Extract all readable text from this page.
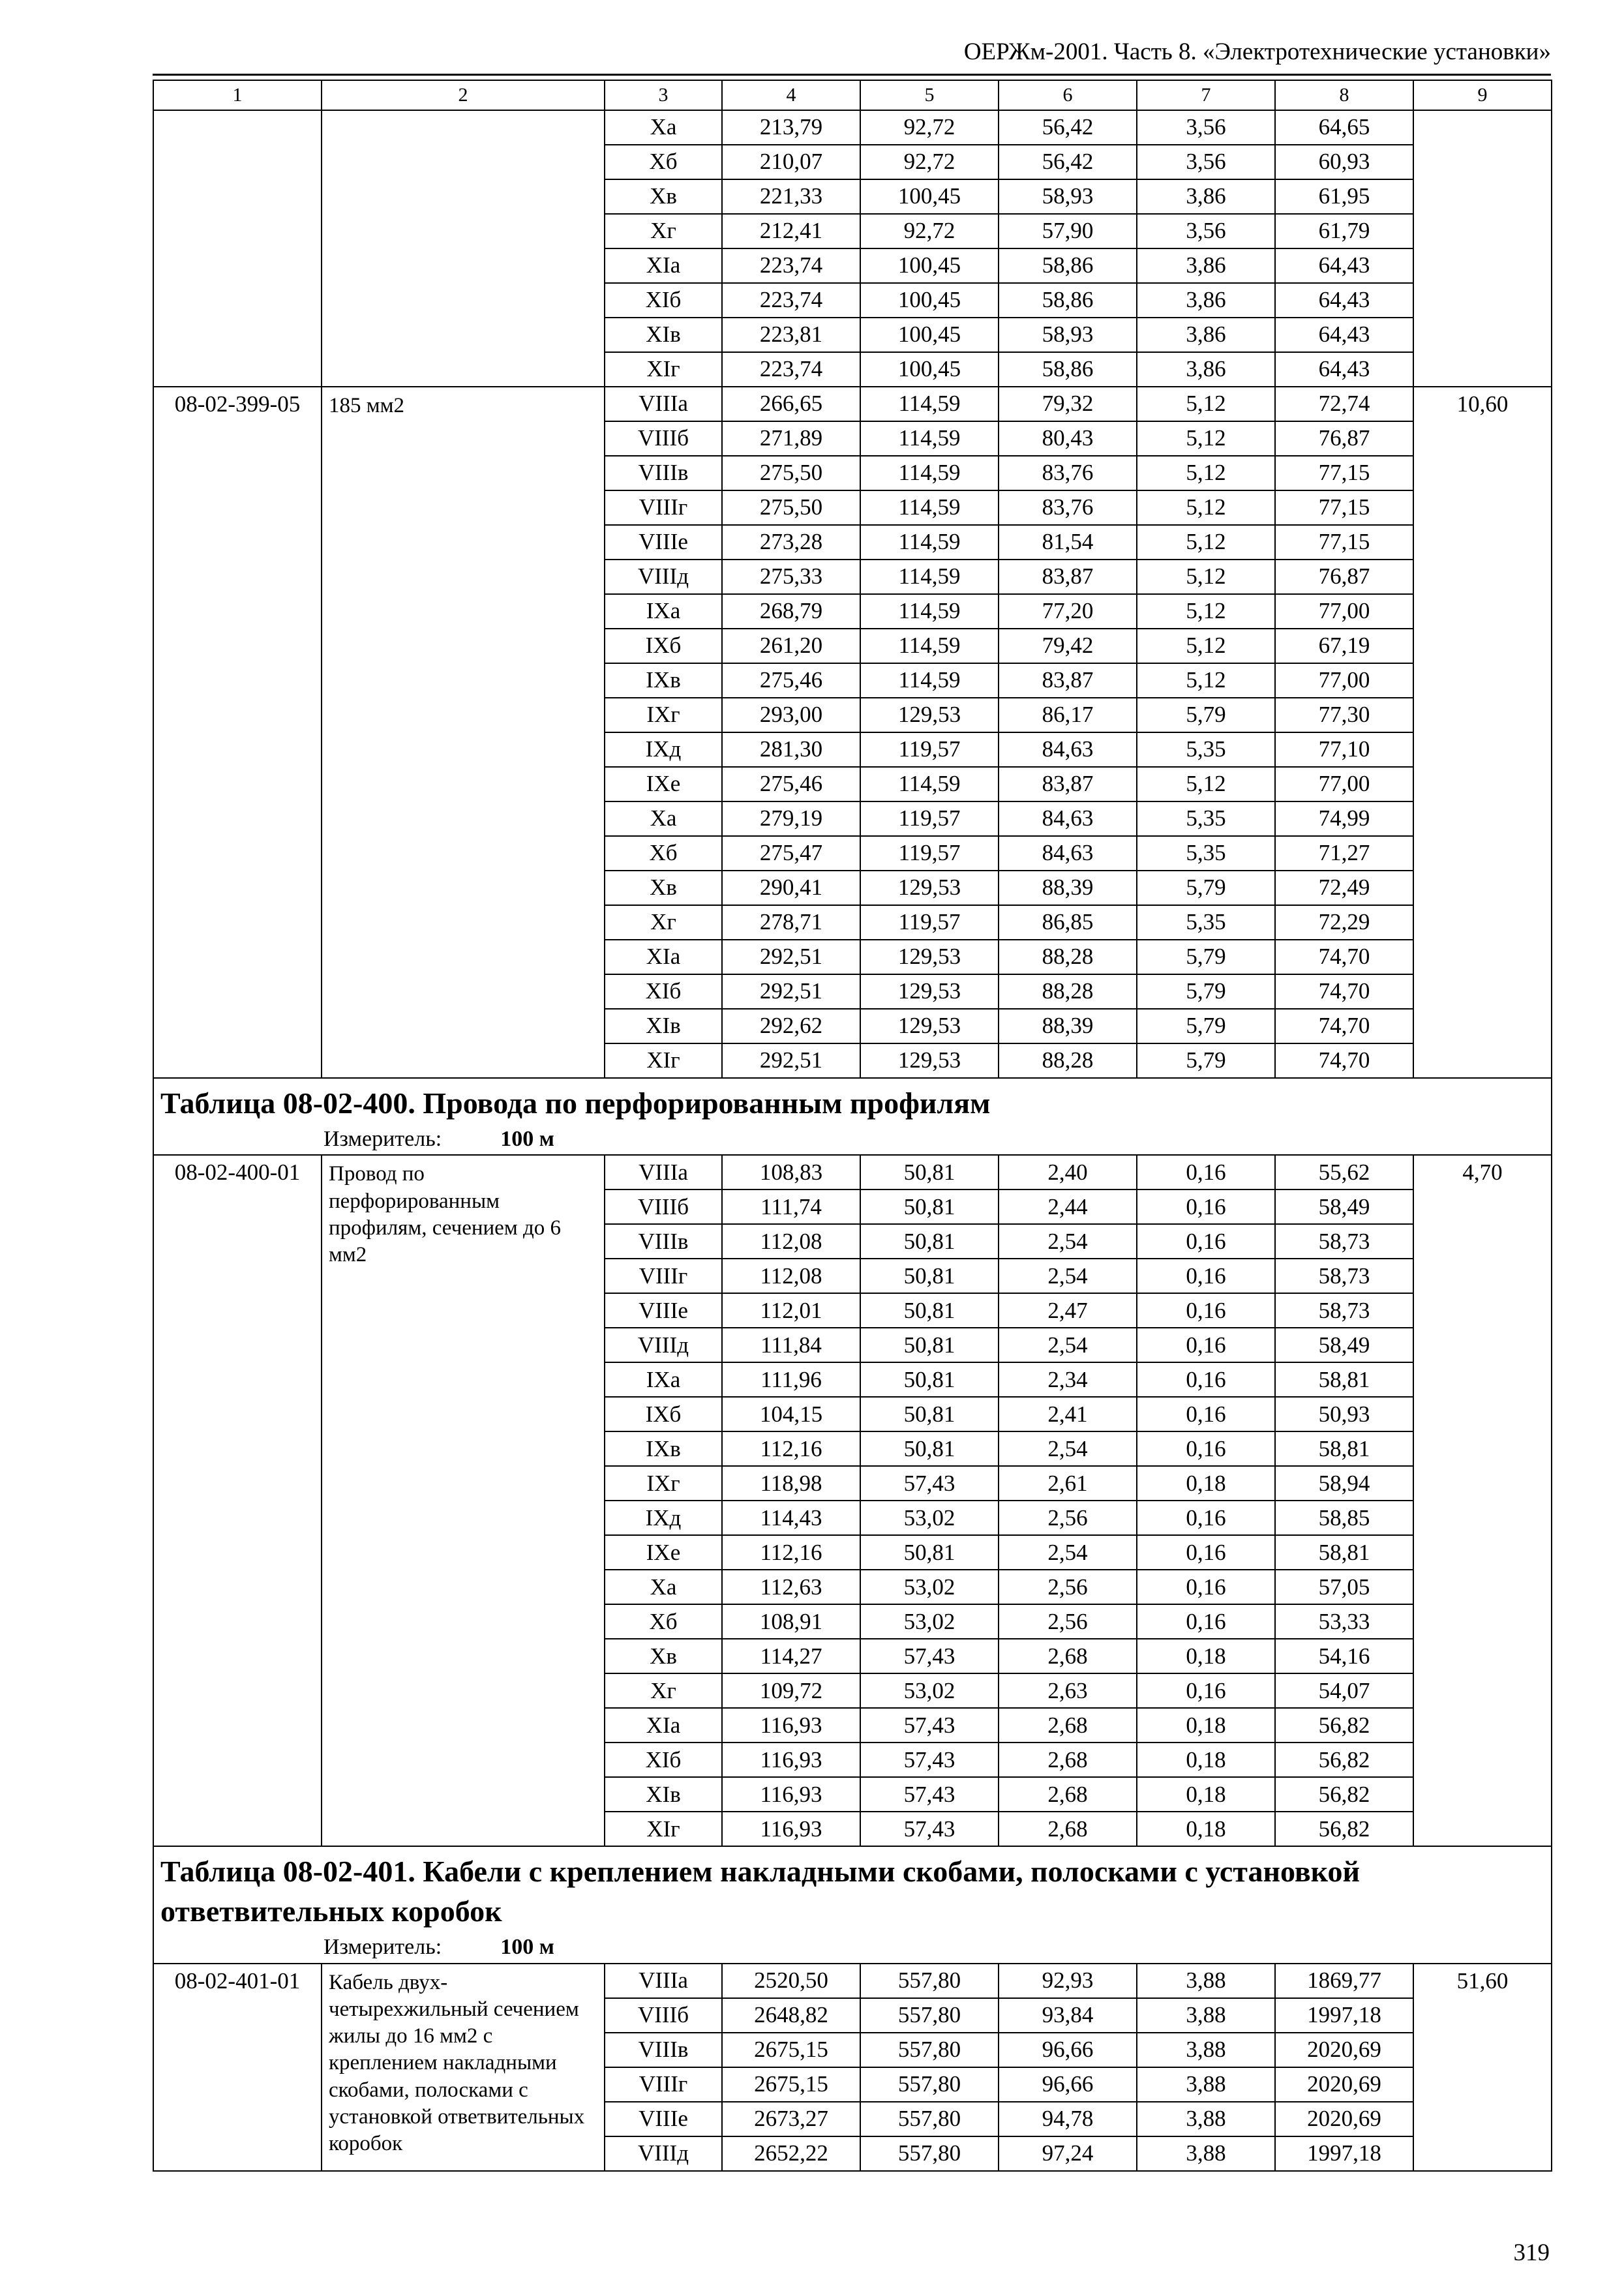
ОЕРЖм-2001. Часть 8. «Электротехнические установки»
1	2	3	4	5	6	7	8	9
		Xa	213,79	92,72	56,42	3,56	64,65	
		Xб	210,07	92,72	56,42	3,56	60,93	
		Xв	221,33	100,45	58,93	3,86	61,95	
		Xг	212,41	92,72	57,90	3,56	61,79	
		XIa	223,74	100,45	58,86	3,86	64,43	
		XIб	223,74	100,45	58,86	3,86	64,43	
		XIв	223,81	100,45	58,93	3,86	64,43	
		XIг	223,74	100,45	58,86	3,86	64,43	
08-02-399-05	185 мм2	VIIIa	266,65	114,59	79,32	5,12	72,74	10,60
		VIIIб	271,89	114,59	80,43	5,12	76,87	
		VIIIв	275,50	114,59	83,76	5,12	77,15	
		VIIIг	275,50	114,59	83,76	5,12	77,15	
		VIIIe	273,28	114,59	81,54	5,12	77,15	
		VIIIд	275,33	114,59	83,87	5,12	76,87	
		IXa	268,79	114,59	77,20	5,12	77,00	
		IXб	261,20	114,59	79,42	5,12	67,19	
		IXв	275,46	114,59	83,87	5,12	77,00	
		IXг	293,00	129,53	86,17	5,79	77,30	
		IXд	281,30	119,57	84,63	5,35	77,10	
		IXe	275,46	114,59	83,87	5,12	77,00	
		Xa	279,19	119,57	84,63	5,35	74,99	
		Xб	275,47	119,57	84,63	5,35	71,27	
		Xв	290,41	129,53	88,39	5,79	72,49	
		Xг	278,71	119,57	86,85	5,35	72,29	
		XIa	292,51	129,53	88,28	5,79	74,70	
		XIб	292,51	129,53	88,28	5,79	74,70	
		XIв	292,62	129,53	88,39	5,79	74,70	
		XIг	292,51	129,53	88,28	5,79	74,70	

Таблица 08-02-400. Провода по перфорированным профилям
Измеритель: 100 м								

08-02-400-01	Провод по перфорированным профилям, сечением до 6 мм2	VIIIa	108,83	50,81	2,40	0,16	55,62	4,70
		VIIIб	111,74	50,81	2,44	0,16	58,49	
		VIIIв	112,08	50,81	2,54	0,16	58,73	
		VIIIг	112,08	50,81	2,54	0,16	58,73	
		VIIIe	112,01	50,81	2,47	0,16	58,73	
		VIIIд	111,84	50,81	2,54	0,16	58,49	
		IXa	111,96	50,81	2,34	0,16	58,81	
		IXб	104,15	50,81	2,41	0,16	50,93	
		IXв	112,16	50,81	2,54	0,16	58,81	
		IXг	118,98	57,43	2,61	0,18	58,94	
		IXд	114,43	53,02	2,56	0,16	58,85	
		IXe	112,16	50,81	2,54	0,16	58,81	
		Xa	112,63	53,02	2,56	0,16	57,05	
		Xб	108,91	53,02	2,56	0,16	53,33	
		Xв	114,27	57,43	2,68	0,18	54,16	
		Xг	109,72	53,02	2,63	0,16	54,07	
		XIa	116,93	57,43	2,68	0,18	56,82	
		XIб	116,93	57,43	2,68	0,18	56,82	
		XIв	116,93	57,43	2,68	0,18	56,82	
		XIг	116,93	57,43	2,68	0,18	56,82	

Таблица 08-02-401. Кабели с креплением накладными скобами, полосками с установкой ответвительных коробок
Измеритель: 100 м								

08-02-401-01	Кабель двух-четырехжильный сечением жилы до 16 мм2 с креплением накладными скобами, полосками с установкой ответвительных коробок	VIIIa	2520,50	557,80	92,93	3,88	1869,77	51,60
		VIIIб	2648,82	557,80	93,84	3,88	1997,18	
		VIIIв	2675,15	557,80	96,66	3,88	2020,69	
		VIIIг	2675,15	557,80	96,66	3,88	2020,69	
		VIIIe	2673,27	557,80	94,78	3,88	2020,69	
		VIIIд	2652,22	557,80	97,24	3,88	1997,18	
319
